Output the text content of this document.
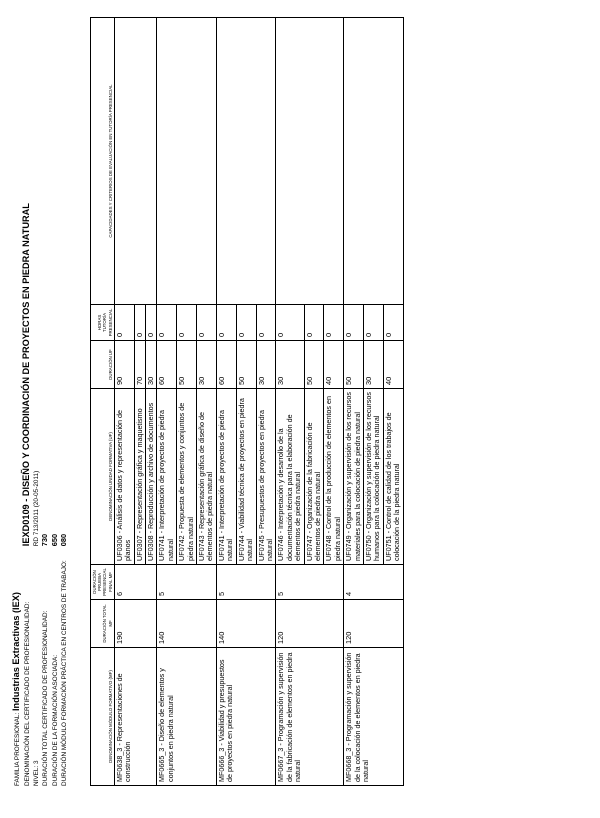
FAMILIA PROFESIONAL: Industrias Extractivas (IEX) DENOMINACIÓN DEL CERTIFICADO DE PROFESIONALIDAD: IEXD0109 - DISEÑO Y COORDINACIÓN DE PROYECTOS EN PIEDRA NATURAL
NIVEL: 3 RD 713/2011 (20-05-2011)
DURACIÓN TOTAL CERTIFICADO DE PROFESIONALIDAD: 730
DURACIÓN DE LA FORMACIÓN ASOCIADA: 650
DURACIÓN MÓDULO FORMACIÓN PRÁCTICA EN CENTROS DE TRABAJO: 080
DENOMINACIÓN MÓDULO FORMATIVO (MF)	DURACIÓN TOTAL MF	DURACIÓN PRUEBA PRESENCIAL FINAL MF	DENOMINACIÓN UNIDAD FORMATIVA (UF)	DURACIÓN UF	HORAS TUTORÍA PRESENCIAL	CAPACIDADES Y CRITERIOS DE EVALUACIÓN EN TUTORÍA PRESENCIAL
MF0638_3 - Representaciones de construcción	190	6	UF0306 - Análisis de datos y representación de planos	90	0	
			UF0307 - Representación gráfica y maquetismo	70	0	
			UF0308 - Reproducción y archivo de documentos	30	0	
MF0665_3 - Diseño de elementos y conjuntos en piedra natural	140	5	UF0741 - Interpretación de proyectos de piedra natural	60	0	
			UF0742 - Propuesta de elementos y conjuntos de piedra natural	50	0	
			UF0743 - Representación gráfica de diseño de elementos de piedra natural	30	0	
MF0666_3 - Viabilidad y presupuestos de proyectos en piedra natural	140	5	UF0741 - Interpretación de proyectos de piedra natural	60	0	
			UF0744 - Viabilidad técnica de proyectos en piedra natural	50	0	
			UF0745 - Presupuestos de proyectos en piedra natural	30	0	
MF0667_3 - Programación y supervisión de la fabricación de elementos en piedra natural	120	5	UF0746 - Interpretación y desarrollo de la documentación técnica para la elaboración de elementos de piedra natural	30	0	
			UF0747 - Organización de la fabricación de elementos de piedra natural	50	0	
			UF0748 - Control de la producción de elementos en piedra natural	40	0	
MF0668_3 - Programación y supervisión de la colocación de elementos en piedra natural	120	4	UF0749 - Organización y supervisión de los recursos materiales para la colocación de piedra natural	50	0	
			UF0750 - Organización y supervisión de los recursos humanos para la colocación de piedra natural	30	0	
			UF0751 - Control de calidad de los trabajos de colocación de la piedra natural	40	0	
